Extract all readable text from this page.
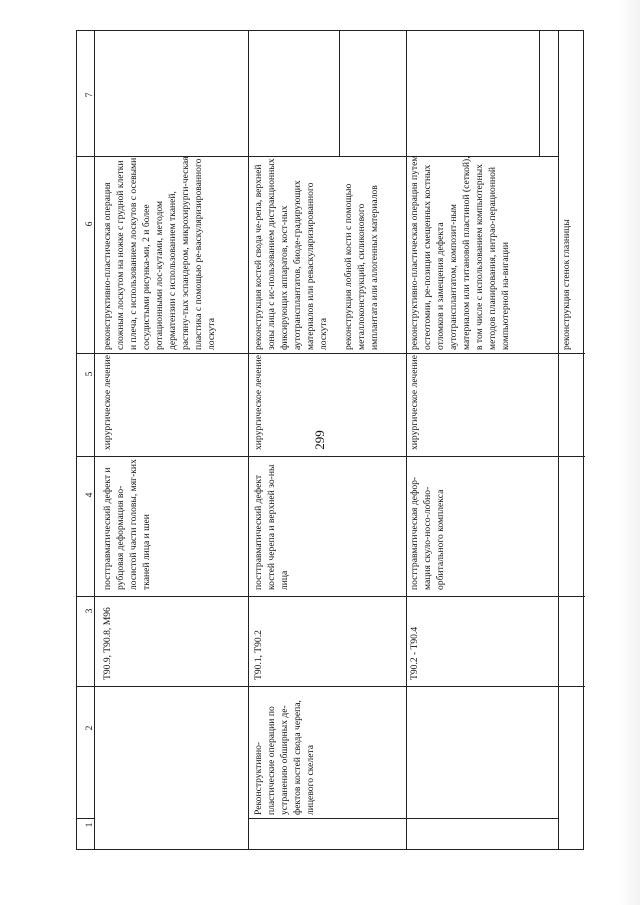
299
1
2
3
4
5
6
7
T90.9, T90.8, M96
посттравматический дефект и рубцовая деформация во-лосистой части головы, мяг-ких тканей лица и шеи
хирургическое лечение
реконструктивно-пластическая операция сложным лоскутом на ножке с грудной клетки и плеча, с использованием лоскутов с осевыми сосудистыми рисунка-ми, 2 и более ротационными лос-кутами, методом дерматензии с использованием тканей, растяну-тых эспандером, микрохирурги-ческая пластика с помощью ре-васкуляризированного лоскута
Реконструктивно-пластические операции по устранению обширных де-фектов костей свода черепа, лицевого скелета
T90.1, T90.2
посттравматический дефект костей черепа и верхней зо-ны лица
хирургическое лечение
реконструкция костей свода че-репа, верхней зоны лица с ис-пользованием дистракционных фиксирующих аппаратов, кост-ных аутотрансплантатов, биоде-градирующих материалов или реваскуляризированного лоскута	реконструкция лобной кости с помощью металлоконструкций, силиконового имплантата или аллогенных материалов
T90.2 - T90.4
посттравматическая дефор-мация скуло-носо-лобно-орбитального комплекса
хирургическое лечение
реконструктивно-пластическая операция путем остеотомии, ре-позиции смещенных костных отломков и замещения дефекта аутотрансплантатом, композит-ным материалом или титановой пластиной (сеткой), в том числе с использованием компьютерных методов планирования, интрао-перационной компьютерной на-вигации	реконструкция стенок глазницы
